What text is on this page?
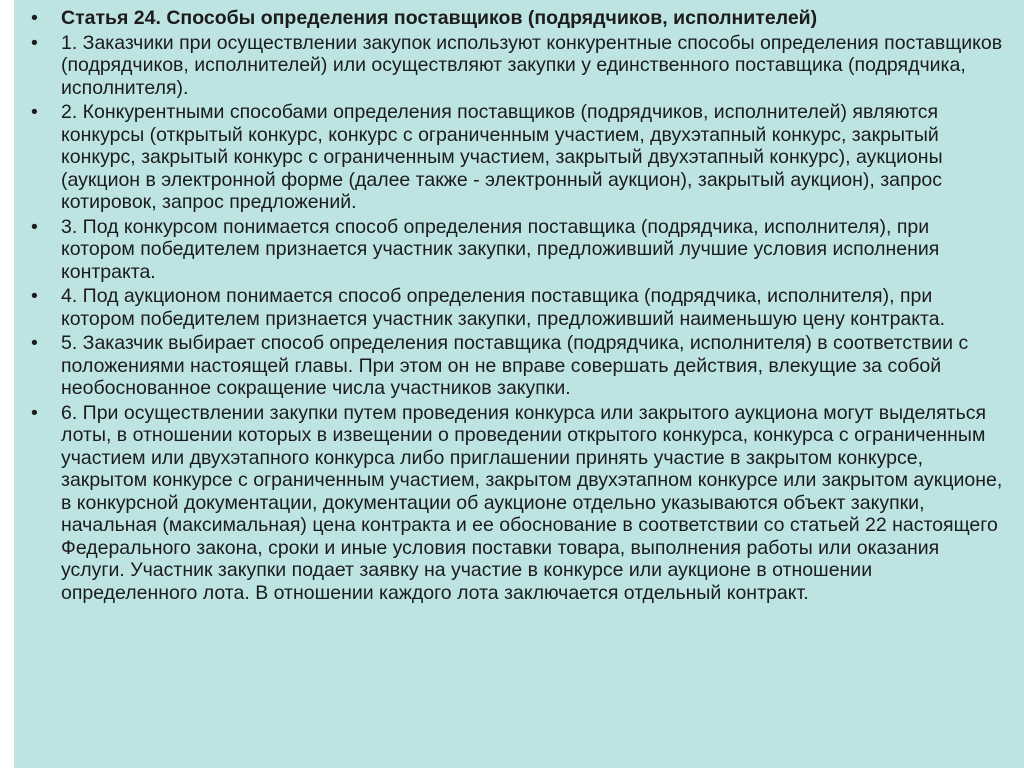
•	Статья 24. Способы определения поставщиков (подрядчиков, исполнителей)
•	1. Заказчики при осуществлении закупок используют конкурентные способы определения поставщиков (подрядчиков, исполнителей) или осуществляют закупки у единственного поставщика (подрядчика, исполнителя).
•	2. Конкурентными способами определения поставщиков (подрядчиков, исполнителей) являются конкурсы (открытый конкурс, конкурс с ограниченным участием, двухэтапный конкурс, закрытый конкурс, закрытый конкурс с ограниченным участием, закрытый двухэтапный конкурс), аукционы (аукцион в электронной форме (далее также - электронный аукцион), закрытый аукцион), запрос котировок, запрос предложений.
•	3. Под конкурсом понимается способ определения поставщика (подрядчика, исполнителя), при котором победителем признается участник закупки, предложивший лучшие условия исполнения контракта.
•	4. Под аукционом понимается способ определения поставщика (подрядчика, исполнителя), при котором победителем признается участник закупки, предложивший наименьшую цену контракта.
•	5. Заказчик выбирает способ определения поставщика (подрядчика, исполнителя) в соответствии с положениями настоящей главы. При этом он не вправе совершать действия, влекущие за собой необоснованное сокращение числа участников закупки.
•	6. При осуществлении закупки путем проведения конкурса или закрытого аукциона могут выделяться лоты, в отношении которых в извещении о проведении открытого конкурса, конкурса с ограниченным участием или двухэтапного конкурса либо приглашении принять участие в закрытом конкурсе, закрытом конкурсе с ограниченным участием, закрытом двухэтапном конкурсе или закрытом аукционе, в конкурсной документации, документации об аукционе отдельно указываются объект закупки, начальная (максимальная) цена контракта и ее обоснование в соответствии со статьей 22 настоящего Федерального закона, сроки и иные условия поставки товара, выполнения работы или оказания услуги. Участник закупки подает заявку на участие в конкурсе или аукционе в отношении определенного лота. В отношении каждого лота заключается отдельный контракт.
